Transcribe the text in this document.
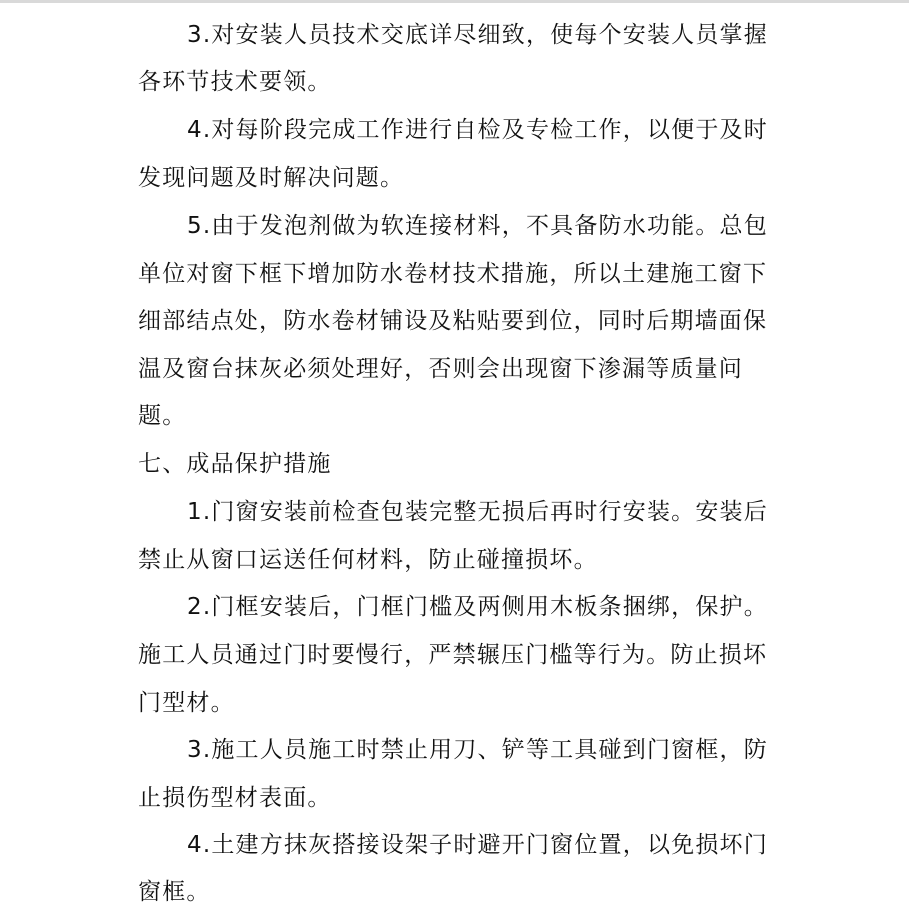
3.对安装人员技术交底详尽细致，使每个安装人员掌握
各环节技术要领。
4.对每阶段完成工作进行自检及专检工作，以便于及时
发现问题及时解决问题。
5.由于发泡剂做为软连接材料，不具备防水功能。总包
单位对窗下框下增加防水卷材技术措施，所以土建施工窗下
细部结点处，防水卷材铺设及粘贴要到位，同时后期墙面保
温及窗台抹灰必须处理好，否则会出现窗下渗漏等质量问
题。
七、成品保护措施
1.门窗安装前检查包装完整无损后再时行安装。安装后
禁止从窗口运送任何材料，防止碰撞损坏。
2.门框安装后，门框门槛及两侧用木板条捆绑，保护。
施工人员通过门时要慢行，严禁辗压门槛等行为。防止损坏
门型材。
3.施工人员施工时禁止用刀、铲等工具碰到门窗框，防
止损伤型材表面。
4.土建方抹灰搭接设架子时避开门窗位置，以免损坏门
窗框。
